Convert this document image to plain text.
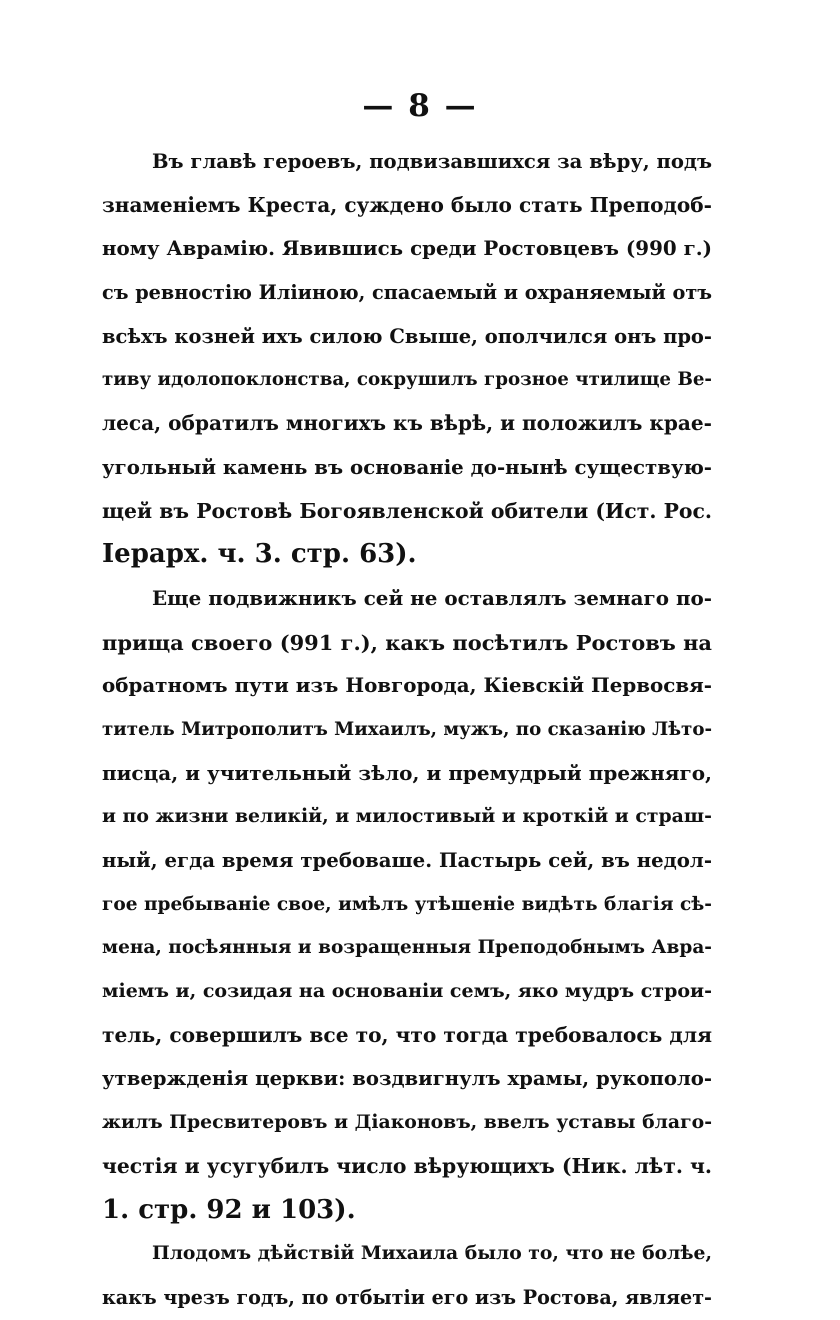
— 8 —
Въ главѣ героевъ, подвизавшихся за вѣру, подъ
знаменіемъ Креста, суждено было стать Преподоб-
ному Аврамію. Явившись среди Ростовцевъ (990 г.)
съ ревностію Иліиною, спасаемый и охраняемый отъ
всѣхъ козней ихъ силою Свыше, ополчился онъ про-
тиву идолопоклонства, сокрушилъ грозное чтилище Ве-
леса, обратилъ многихъ къ вѣрѣ, и положилъ крае-
угольный камень въ основаніе до-нынѣ существую-
щей въ Ростовѣ Богоявленской обители (Ист. Рос.
Іерарх. ч. 3. стр. 63).
Еще подвижникъ сей не оставлялъ земнаго по-
прища своего (991 г.), какъ посѣтилъ Ростовъ на
обратномъ пути изъ Новгорода, Кіевскій Первосвя-
титель Митрополитъ Михаилъ, мужъ, по сказанію Лѣто-
писца, и учительный зѣло, и премудрый прежняго,
и по жизни великій, и милостивый и кроткій и страш-
ный, егда время требоваше. Пастырь сей, въ недол-
гое пребываніе свое, имѣлъ утѣшеніе видѣть благія сѣ-
мена, посѣянныя и возращенныя Преподобнымъ Авра-
міемъ и, созидая на основаніи семъ, яко мудръ строи-
тель, совершилъ все то, что тогда требовалось для
утвержденія церкви: воздвигнулъ храмы, рукополо-
жилъ Пресвитеровъ и Діаконовъ, ввелъ уставы благо-
честія и усугубилъ число вѣрующихъ (Ник. лѣт. ч.
1. стр. 92 и 103).
Плодомъ дѣйствій Михаила было то, что не болѣе,
какъ чрезъ годъ, по отбытіи его изъ Ростова, являет-
